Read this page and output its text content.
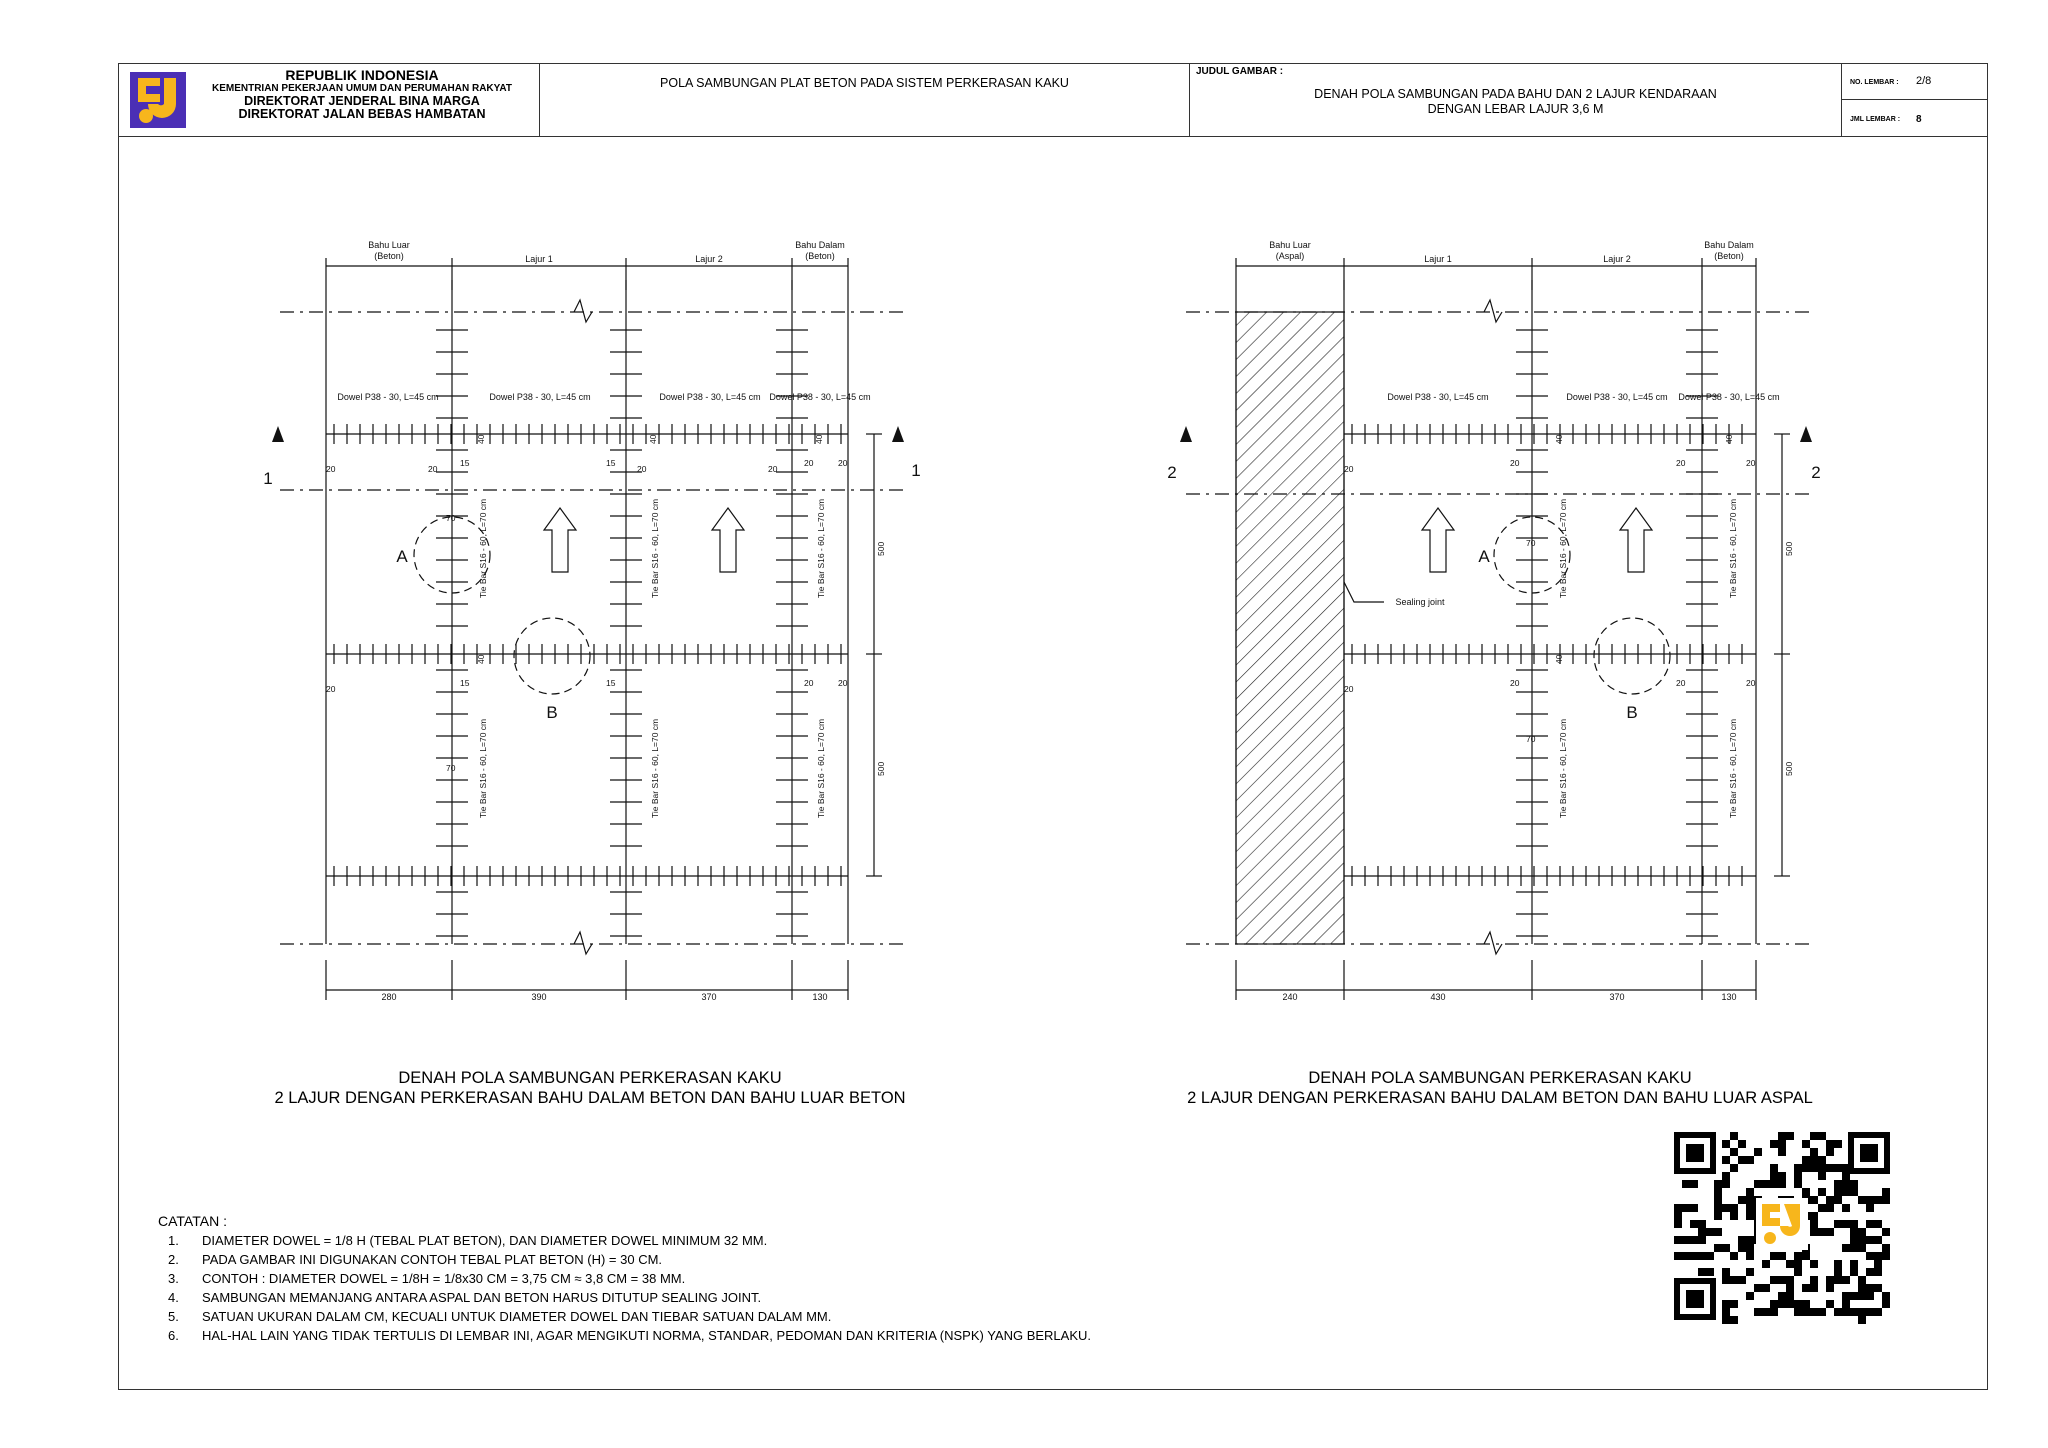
REPUBLIK INDONESIA
KEMENTRIAN PEKERJAAN UMUM DAN PERUMAHAN RAKYAT
DIREKTORAT JENDERAL BINA MARGA
DIREKTORAT JALAN BEBAS HAMBATAN
POLA SAMBUNGAN PLAT BETON PADA SISTEM PERKERASAN KAKU
JUDUL GAMBAR :
DENAH POLA SAMBUNGAN PADA BAHU DAN 2 LAJUR KENDARAAN
DENGAN LEBAR LAJUR 3,6 M
NO. LEMBAR : 2/8
JML LEMBAR : 8
Bahu Luar
(Beton)	Lajur 1	Lajur 2
Bahu Dalam
(Beton)
280	390	370	130
Dowel P38 - 30, L=45 cm	Dowel P38 - 30, L=45 cm	Dowel P38 - 30, L=45 cm Dowel P38 - 30, L=45 cm
Tie Bar S16 - 60, L=70 cm	Tie Bar S16 - 60, L=70 cm	Tie Bar S16 - 60, L=70 cm
Tie Bar S16 - 60, L=70 cm	Tie Bar S16 - 60, L=70 cm	Tie Bar S16 - 60, L=70 cm
500
500
20	20
15	15
20	20
20	20
20
15	15	20	20
40
40
40	40
70
70
1	1
A
B
Bahu Luar
(Aspal)	Lajur 1	Lajur 2
Bahu Dalam
(Beton)
240	430	370	130
Dowel P38 - 30, L=45 cm	Dowel P38 - 30, L=45 cm Dowel P38 - 30, L=45 cm
Sealing joint
Tie Bar S16 - 60, L=70 cm	Tie Bar S16 - 60, L=70 cm
Tie Bar S16 - 60, L=70 cm	Tie Bar S16 - 60, L=70 cm
500
500
20
20	20	20
20
20	20	20
40
40
40
70
70
2	2
A
B
DENAH POLA SAMBUNGAN PERKERASAN KAKU
2 LAJUR DENGAN PERKERASAN BAHU DALAM BETON DAN BAHU LUAR BETON
DENAH POLA SAMBUNGAN PERKERASAN KAKU
2 LAJUR DENGAN PERKERASAN BAHU DALAM BETON DAN BAHU LUAR ASPAL
CATATAN :
1. DIAMETER DOWEL = 1/8 H (TEBAL PLAT BETON), DAN DIAMETER DOWEL MINIMUM 32 MM.
2. PADA GAMBAR INI DIGUNAKAN CONTOH TEBAL PLAT BETON (H) = 30 CM.
3. CONTOH : DIAMETER DOWEL = 1/8H = 1/8x30 CM = 3,75 CM ≈ 3,8 CM = 38 MM.
4. SAMBUNGAN MEMANJANG ANTARA ASPAL DAN BETON HARUS DITUTUP SEALING JOINT.
5. SATUAN UKURAN DALAM CM, KECUALI UNTUK DIAMETER DOWEL DAN TIEBAR SATUAN DALAM MM.
6. HAL-HAL LAIN YANG TIDAK TERTULIS DI LEMBAR INI, AGAR MENGIKUTI NORMA, STANDAR, PEDOMAN DAN KRITERIA (NSPK) YANG BERLAKU.
